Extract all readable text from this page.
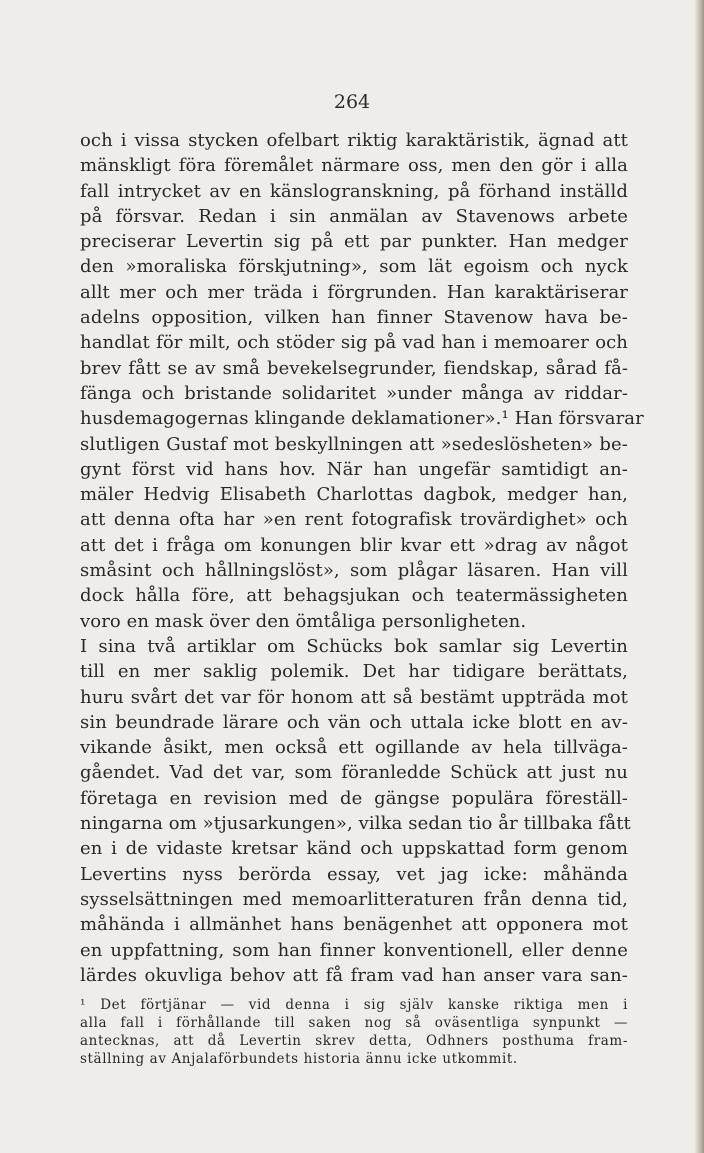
264
och i vissa stycken ofelbart riktig karaktäristik, ägnad att
mänskligt föra föremålet närmare oss, men den gör i alla
fall intrycket av en känslogranskning, på förhand inställd
på försvar. Redan i sin anmälan av Stavenows arbete
preciserar Levertin sig på ett par punkter. Han medger
den »moraliska förskjutning», som lät egoism och nyck
allt mer och mer träda i förgrunden. Han karaktäriserar
adelns opposition, vilken han finner Stavenow hava be-
handlat för milt, och stöder sig på vad han i memoarer och
brev fått se av små bevekelsegrunder, fiendskap, sårad få-
fänga och bristande solidaritet »under många av riddar-
husdemagogernas klingande deklamationer».¹ Han försvarar
slutligen Gustaf mot beskyllningen att »sedeslösheten» be-
gynt först vid hans hov. När han ungefär samtidigt an-
mäler Hedvig Elisabeth Charlottas dagbok, medger han,
att denna ofta har »en rent fotografisk trovärdighet» och
att det i fråga om konungen blir kvar ett »drag av något
småsint och hållningslöst», som plågar läsaren. Han vill
dock hålla före, att behagsjukan och teatermässigheten
voro en mask över den ömtåliga personligheten.
I sina två artiklar om Schücks bok samlar sig Levertin
till en mer saklig polemik. Det har tidigare berättats,
huru svårt det var för honom att så bestämt uppträda mot
sin beundrade lärare och vän och uttala icke blott en av-
vikande åsikt, men också ett ogillande av hela tillväga-
gåendet. Vad det var, som föranledde Schück att just nu
företaga en revision med de gängse populära föreställ-
ningarna om »tjusarkungen», vilka sedan tio år tillbaka fått
en i de vidaste kretsar känd och uppskattad form genom
Levertins nyss berörda essay, vet jag icke: måhända
sysselsättningen med memoarlitteraturen från denna tid,
måhända i allmänhet hans benägenhet att opponera mot
en uppfattning, som han finner konventionell, eller denne
lärdes okuvliga behov att få fram vad han anser vara san-
¹ Det förtjänar — vid denna i sig själv kanske riktiga men i
alla fall i förhållande till saken nog så oväsentliga synpunkt —
antecknas, att då Levertin skrev detta, Odhners posthuma fram-
ställning av Anjalaförbundets historia ännu icke utkommit.
